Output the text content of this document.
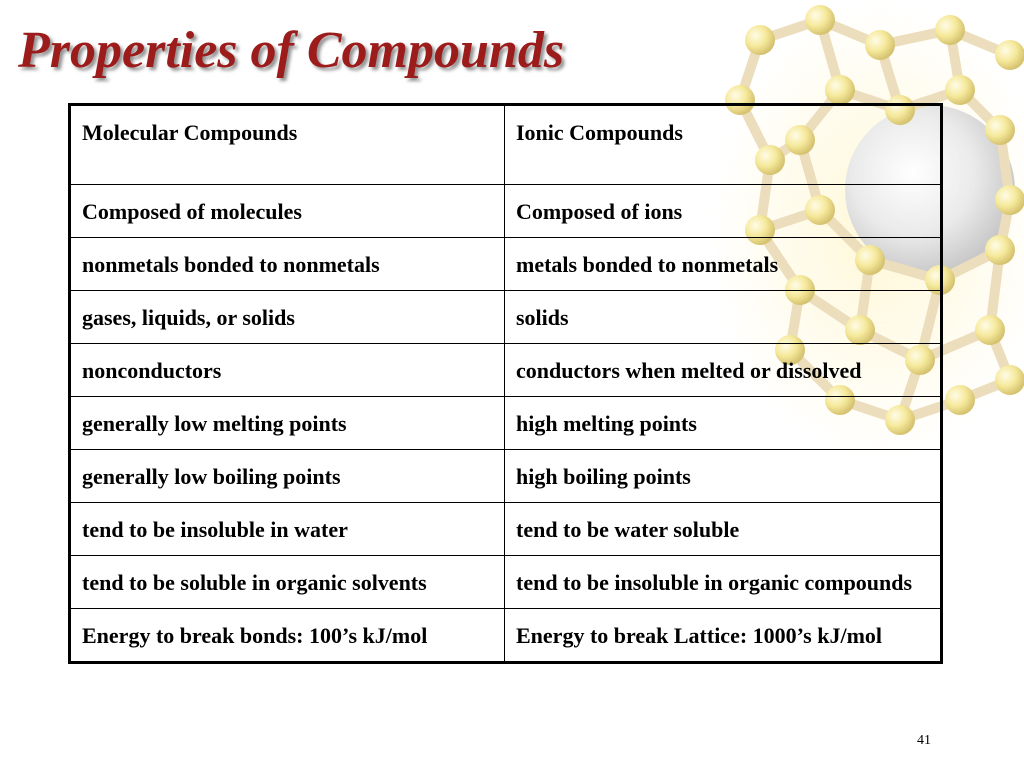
Properties of Compounds
Molecular Compounds	Ionic Compounds
Composed of molecules	Composed of ions
nonmetals bonded to nonmetals	metals bonded to nonmetals
gases, liquids, or solids	solids
nonconductors	conductors when melted or dissolved
generally low melting points	high melting points
generally low boiling points	high boiling points
tend to be insoluble in water	tend to be water soluble
tend to be soluble in organic solvents	tend to be insoluble in organic compounds
Energy to break bonds: 100’s kJ/mol	Energy to break Lattice: 1000’s kJ/mol
41
